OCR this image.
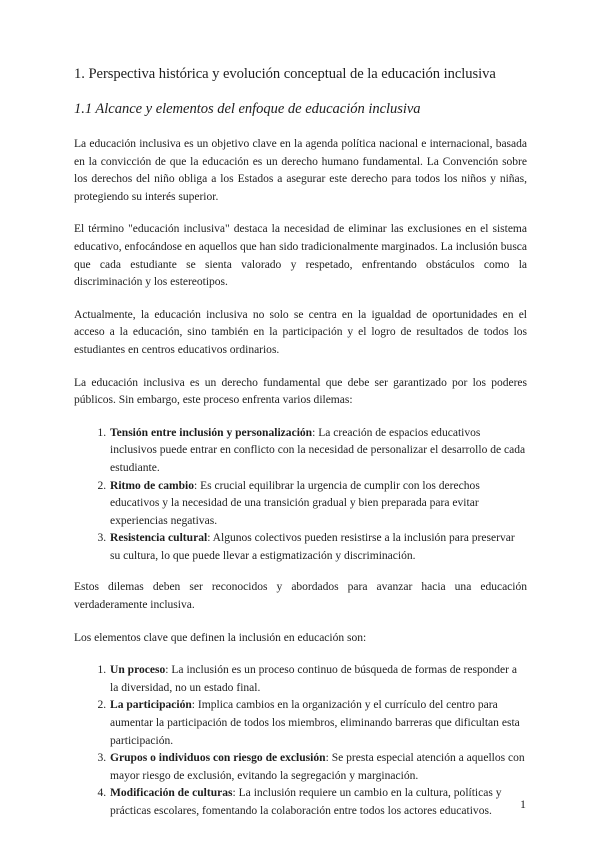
1. Perspectiva histórica y evolución conceptual de la educación inclusiva
1.1 Alcance y elementos del enfoque de educación inclusiva

La educación inclusiva es un objetivo clave en la agenda política nacional e internacional, basada en la convicción de que la educación es un derecho humano fundamental. La Convención sobre los derechos del niño obliga a los Estados a asegurar este derecho para todos los niños y niñas, protegiendo su interés superior.

El término "educación inclusiva" destaca la necesidad de eliminar las exclusiones en el sistema educativo, enfocándose en aquellos que han sido tradicionalmente marginados. La inclusión busca que cada estudiante se sienta valorado y respetado, enfrentando obstáculos como la discriminación y los estereotipos.

Actualmente, la educación inclusiva no solo se centra en la igualdad de oportunidades en el acceso a la educación, sino también en la participación y el logro de resultados de todos los estudiantes en centros educativos ordinarios.

La educación inclusiva es un derecho fundamental que debe ser garantizado por los poderes públicos. Sin embargo, este proceso enfrenta varios dilemas:

1. Tensión entre inclusión y personalización: La creación de espacios educativos inclusivos puede entrar en conflicto con la necesidad de personalizar el desarrollo de cada estudiante.
2. Ritmo de cambio: Es crucial equilibrar la urgencia de cumplir con los derechos educativos y la necesidad de una transición gradual y bien preparada para evitar experiencias negativas.
3. Resistencia cultural: Algunos colectivos pueden resistirse a la inclusión para preservar su cultura, lo que puede llevar a estigmatización y discriminación.

Estos dilemas deben ser reconocidos y abordados para avanzar hacia una educación verdaderamente inclusiva.

Los elementos clave que definen la inclusión en educación son:

1. Un proceso: La inclusión es un proceso continuo de búsqueda de formas de responder a la diversidad, no un estado final.
2. La participación: Implica cambios en la organización y el currículo del centro para aumentar la participación de todos los miembros, eliminando barreras que dificultan esta participación.
3. Grupos o individuos con riesgo de exclusión: Se presta especial atención a aquellos con mayor riesgo de exclusión, evitando la segregación y marginación.
4. Modificación de culturas: La inclusión requiere un cambio en la cultura, políticas y prácticas escolares, fomentando la colaboración entre todos los actores educativos.	1
